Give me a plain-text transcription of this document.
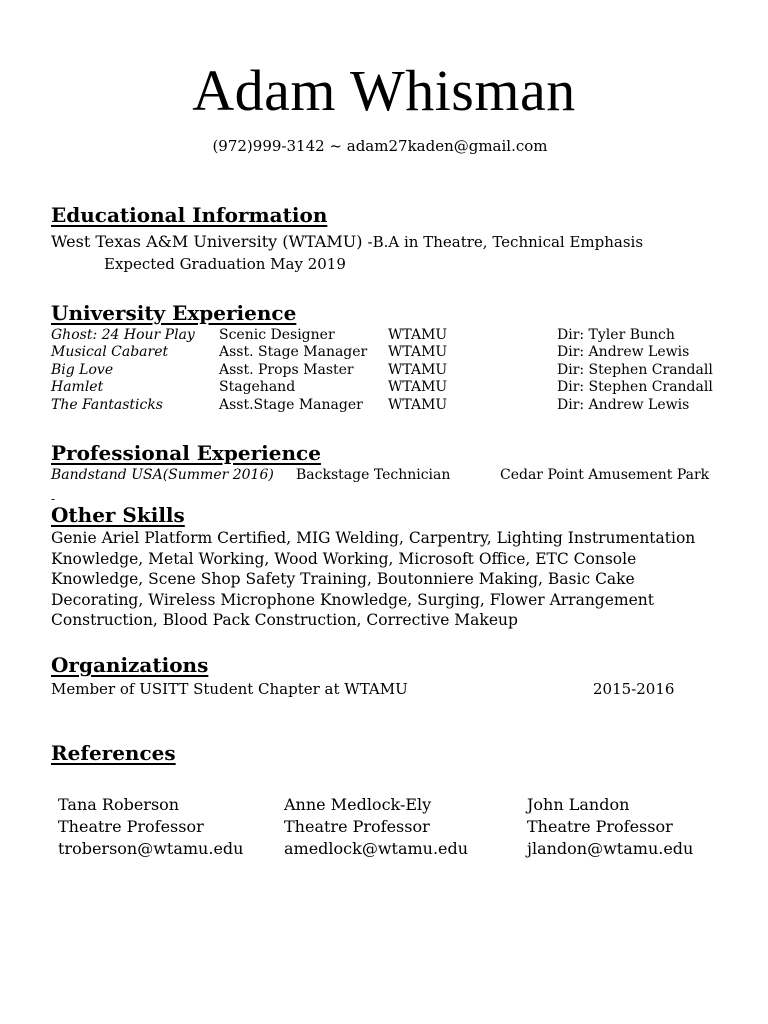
Adam Whisman
(972)999-3142 ~ adam27kaden@gmail.com
Educational Information
West Texas A&M University (WTAMU) -B.A in Theatre, Technical Emphasis
Expected Graduation May 2019
University Experience
Ghost: 24 Hour Play Scenic Designer	WTAMU	Dir: Tyler Bunch
Musical Cabaret	Asst. Stage Manager WTAMU	Dir: Andrew Lewis
Big Love	Asst. Props Master WTAMU	Dir: Stephen Crandall
Hamlet	Stagehand	WTAMU	Dir: Stephen Crandall
The Fantasticks	Asst.Stage Manager WTAMU	Dir: Andrew Lewis
Professional Experience
Bandstand USA(Summer 2016) Backstage Technician	Cedar Point Amusement Park
-
Other Skills
Genie Ariel Platform Certified, MIG Welding, Carpentry, Lighting Instrumentation Knowledge, Metal Working, Wood Working, Microsoft Office, ETC Console Knowledge, Scene Shop Safety Training, Boutonniere Making, Basic Cake Decorating, Wireless Microphone Knowledge, Surging, Flower Arrangement Construction, Blood Pack Construction, Corrective Makeup
Organizations
Member of USITT Student Chapter at WTAMU	2015-2016
References
Tana Roberson
Theatre Professor
troberson@wtamu.edu
Anne Medlock-Ely
Theatre Professor
amedlock@wtamu.edu
John Landon
Theatre Professor
jlandon@wtamu.edu
